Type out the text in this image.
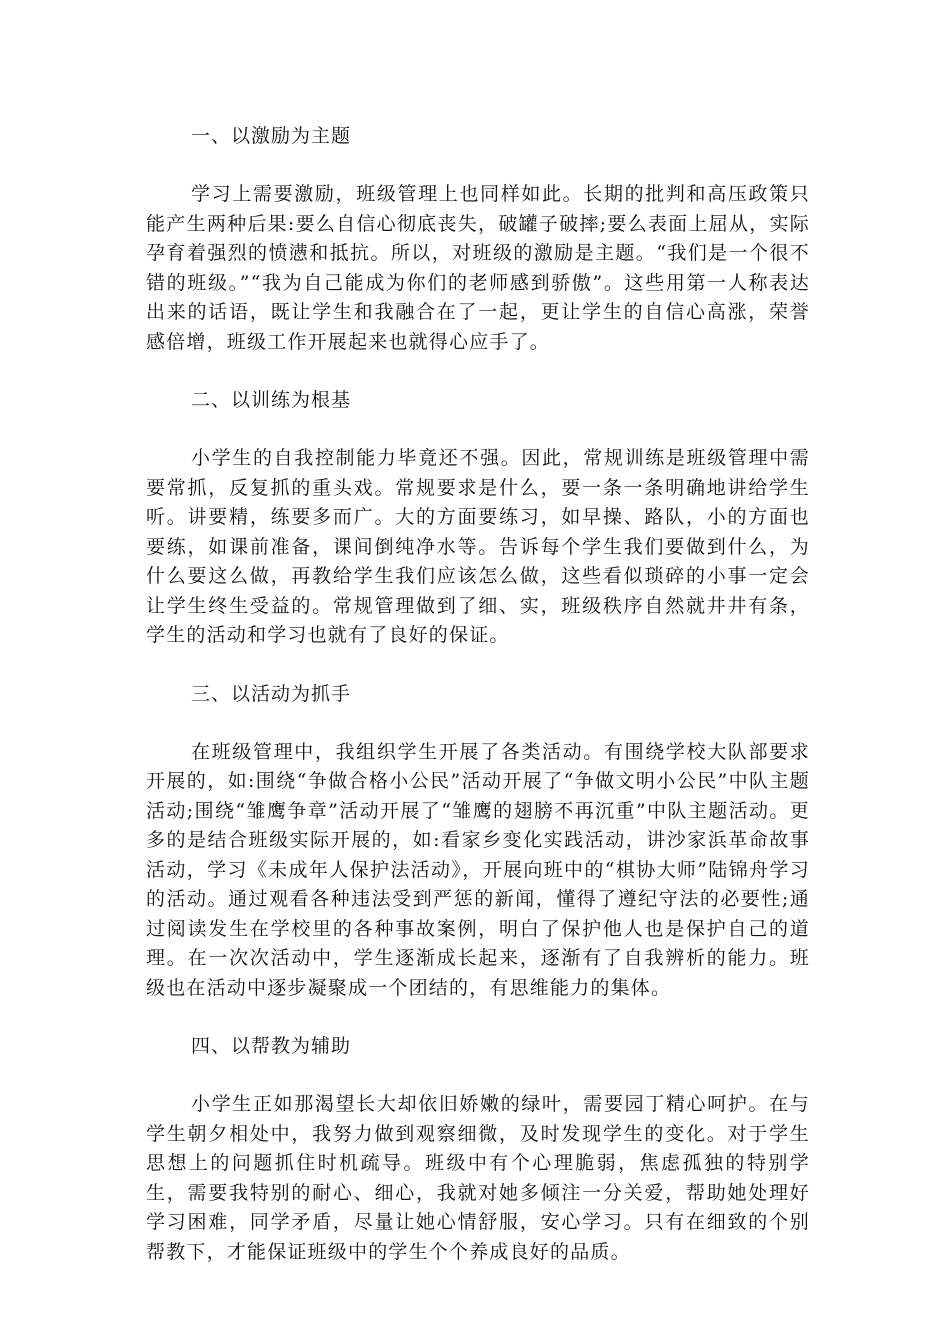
一、以激励为主题

学习上需要激励，班级管理上也同样如此。长期的批判和高压政策只能产生两种后果:要么自信心彻底丧失，破罐子破摔;要么表面上屈从，实际孕育着强烈的愤懑和抵抗。所以，对班级的激励是主题。“我们是一个很不错的班级。”“我为自己能成为你们的老师感到骄傲”。这些用第一人称表达出来的话语，既让学生和我融合在了一起，更让学生的自信心高涨，荣誉感倍增，班级工作开展起来也就得心应手了。

二、以训练为根基

小学生的自我控制能力毕竟还不强。因此，常规训练是班级管理中需要常抓，反复抓的重头戏。常规要求是什么，要一条一条明确地讲给学生听。讲要精，练要多而广。大的方面要练习，如早操、路队，小的方面也要练，如课前准备，课间倒纯净水等。告诉每个学生我们要做到什么，为什么要这么做，再教给学生我们应该怎么做，这些看似琐碎的小事一定会让学生终生受益的。常规管理做到了细、实，班级秩序自然就井井有条，学生的活动和学习也就有了良好的保证。

三、以活动为抓手

在班级管理中，我组织学生开展了各类活动。有围绕学校大队部要求开展的，如:围绕“争做合格小公民”活动开展了“争做文明小公民”中队主题活动;围绕“雏鹰争章”活动开展了“雏鹰的翅膀不再沉重”中队主题活动。更多的是结合班级实际开展的，如:看家乡变化实践活动，讲沙家浜革命故事活动，学习《未成年人保护法活动》，开展向班中的“棋协大师”陆锦舟学习的活动。通过观看各种违法受到严惩的新闻，懂得了遵纪守法的必要性;通过阅读发生在学校里的各种事故案例，明白了保护他人也是保护自己的道理。在一次次活动中，学生逐渐成长起来，逐渐有了自我辨析的能力。班级也在活动中逐步凝聚成一个团结的，有思维能力的集体。

四、以帮教为辅助

小学生正如那渴望长大却依旧娇嫩的绿叶，需要园丁精心呵护。在与学生朝夕相处中，我努力做到观察细微，及时发现学生的变化。对于学生思想上的问题抓住时机疏导。班级中有个心理脆弱，焦虑孤独的特别学生，需要我特别的耐心、细心，我就对她多倾注一分关爱，帮助她处理好学习困难，同学矛盾，尽量让她心情舒服，安心学习。只有在细致的个别帮教下，才能保证班级中的学生个个养成良好的品质。
